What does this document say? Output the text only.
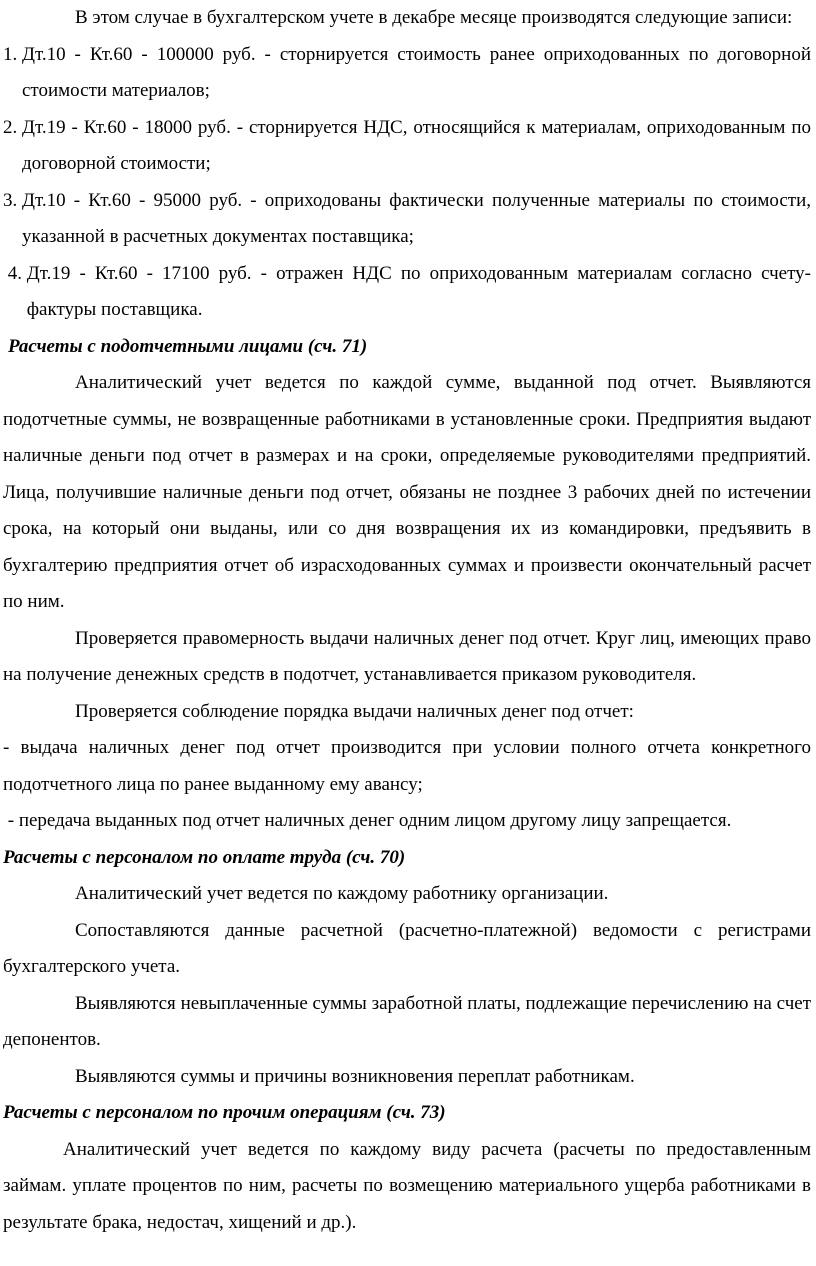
В этом случае в бухгалтерском учете в декабре месяце производятся следующие записи:

1. Дт.10 - Кт.60 - 100000 руб. - сторнируется стоимость ранее оприходованных по договорной стоимости материалов;
2. Дт.19 - Кт.60 - 18000 руб. - сторнируется НДС, относящийся к материалам, оприходованным по договорной стоимости;
3. Дт.10 - Кт.60 - 95000 руб. - оприходованы фактически полученные материалы по стоимости, указанной в расчетных документах поставщика;
4. Дт.19 - Кт.60 - 17100 руб. - отражен НДС по оприходованным материалам согласно счету-фактуры поставщика.

Расчеты с подотчетными лицами (сч. 71)

Аналитический учет ведется по каждой сумме, выданной под отчет. Выявляются подотчетные суммы, не возвращенные работниками в установленные сроки. Предприятия выдают наличные деньги под отчет в размерах и на сроки, определяемые руководителями предприятий. Лица, получившие наличные деньги под отчет, обязаны не позднее 3 рабочих дней по истечении срока, на который они выданы, или со дня возвращения их из командировки, предъявить в бухгалтерию предприятия отчет об израсходованных суммах и произвести окончательный расчет по ним.

Проверяется правомерность выдачи наличных денег под отчет. Круг лиц, имеющих право на получение денежных средств в подотчет, устанавливается приказом руководителя.

Проверяется соблюдение порядка выдачи наличных денег под отчет:

- выдача наличных денег под отчет производится при условии полного отчета конкретного подотчетного лица по ранее выданному ему авансу;

- передача выданных под отчет наличных денег одним лицом другому лицу запрещается.

Расчеты с персоналом по оплате труда (сч. 70)

Аналитический учет ведется по каждому работнику организации.

Сопоставляются данные расчетной (расчетно-платежной) ведомости с регистрами бухгалтерского учета.

Выявляются невыплаченные суммы заработной платы, подлежащие перечислению на счет депонентов.

Выявляются суммы и причины возникновения переплат работникам.

Расчеты с персоналом по прочим операциям (сч. 73)

Аналитический учет ведется по каждому виду расчета (расчеты по предоставленным займам. уплате процентов по ним, расчеты по возмещению материального ущерба работниками в результате брака, недостач, хищений и др.).
